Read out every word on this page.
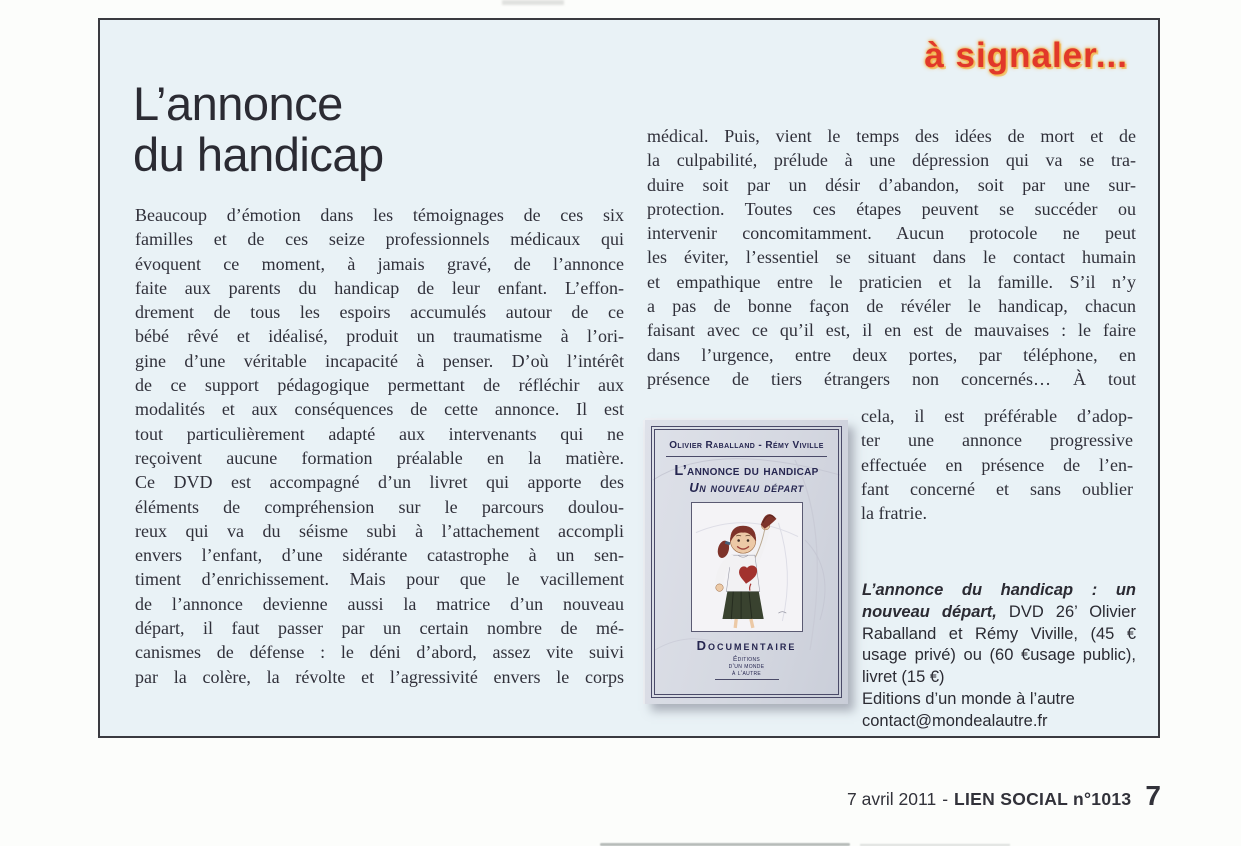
à signaler...
L’annonce
du handicap
Beaucoup d’émotion dans les témoignages de ces six
familles et de ces seize professionnels médicaux qui
évoquent ce moment, à jamais gravé, de l’annonce
faite aux parents du handicap de leur enfant. L’effon-
drement de tous les espoirs accumulés autour de ce
bébé rêvé et idéalisé, produit un traumatisme à l’ori-
gine d’une véritable incapacité à penser. D’où l’intérêt
de ce support pédagogique permettant de réfléchir aux
modalités et aux conséquences de cette annonce. Il est
tout particulièrement adapté aux intervenants qui ne
reçoivent aucune formation préalable en la matière.
Ce DVD est accompagné d’un livret qui apporte des
éléments de compréhension sur le parcours doulou-
reux qui va du séisme subi à l’attachement accompli
envers l’enfant, d’une sidérante catastrophe à un sen-
timent d’enrichissement. Mais pour que le vacillement
de l’annonce devienne aussi la matrice d’un nouveau
départ, il faut passer par un certain nombre de mé-
canismes de défense : le déni d’abord, assez vite suivi
par la colère, la révolte et l’agressivité envers le corps
médical. Puis, vient le temps des idées de mort et de
la culpabilité, prélude à une dépression qui va se tra-
duire soit par un désir d’abandon, soit par une sur-
protection. Toutes ces étapes peuvent se succéder ou
intervenir concomitamment. Aucun protocole ne peut
les éviter, l’essentiel se situant dans le contact humain
et empathique entre le praticien et la famille. S’il n’y
a pas de bonne façon de révéler le handicap, chacun
faisant avec ce qu’il est, il en est de mauvaises : le faire
dans l’urgence, entre deux portes, par téléphone, en
présence de tiers étrangers non concernés… À tout
cela, il est préférable d’adop-
ter une annonce progressive
effectuée en présence de l’en-
fant concerné et sans oublier
la fratrie.
Olivier Raballand - Rémy Viville
L’annonce du handicap
Un nouveau départ
Documentaire
Éditions
d’un monde
à l’autre

L’annonce du handicap : un nouveau départ, DVD 26’ Olivier Raballand et Rémy Viville, (45 € usage privé) ou (60 €usage public), livret (15 €)

Editions d’un monde à l’autre
contact@mondealautre.fr
7 avril 2011 - LIEN SOCIAL n°1013 7
